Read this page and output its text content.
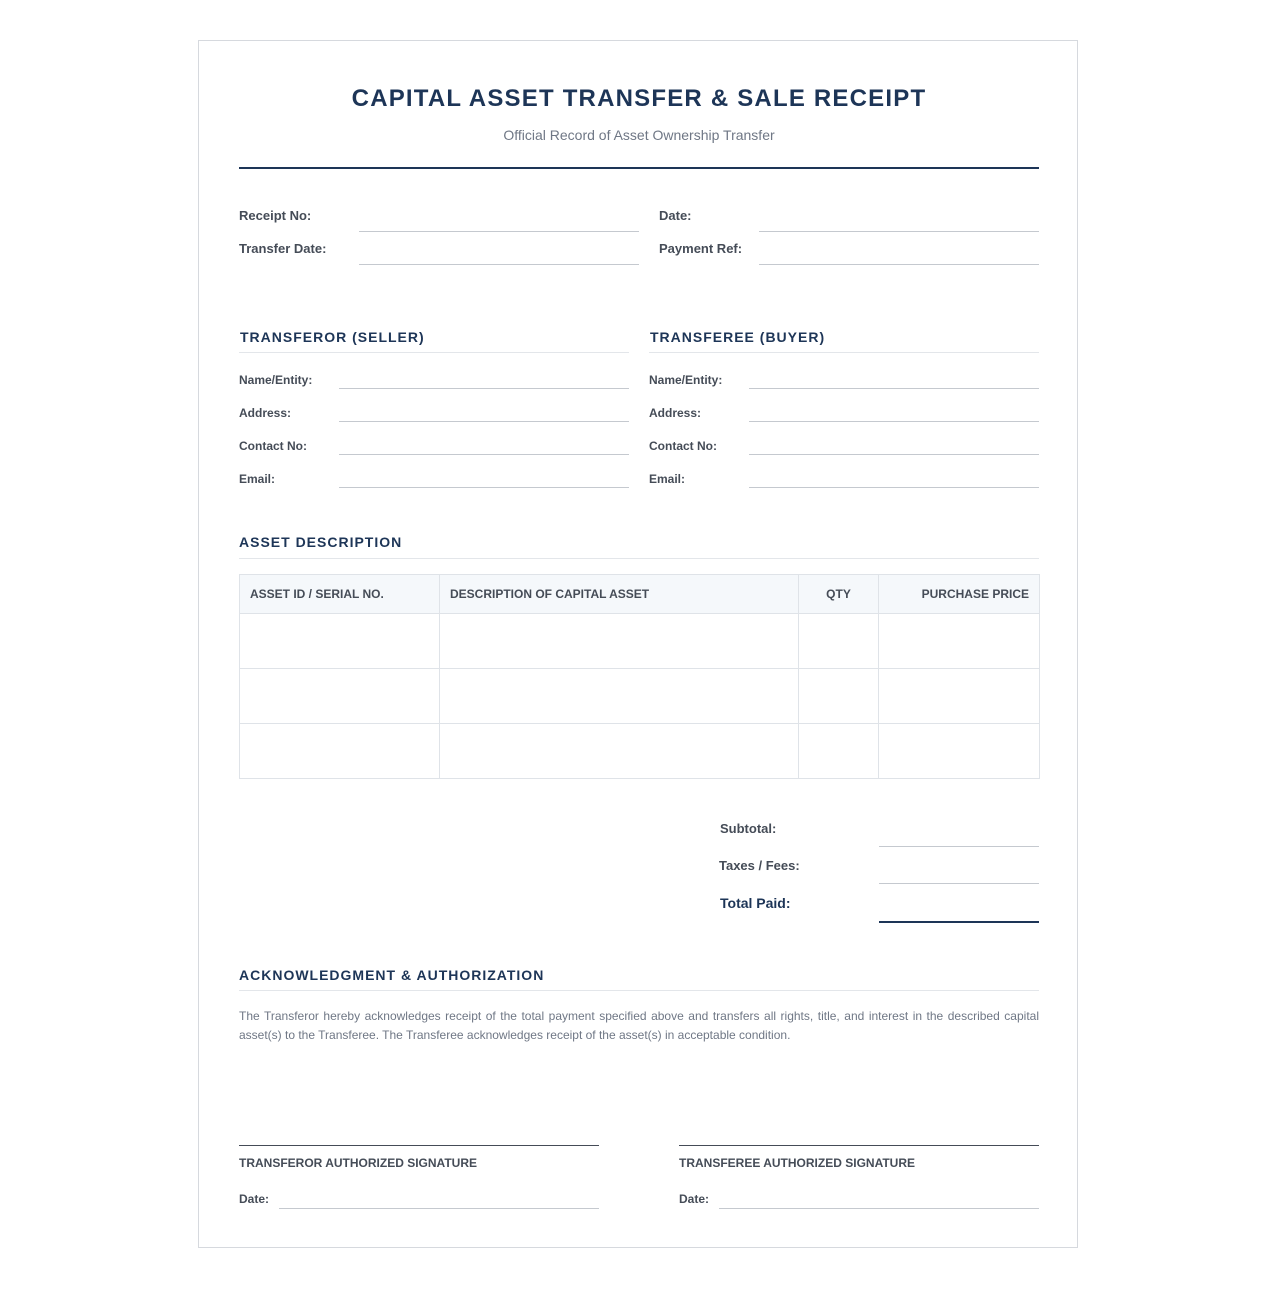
CAPITAL ASSET TRANSFER & SALE RECEIPT
Official Record of Asset Ownership Transfer
Receipt No:	Date:
Transfer Date:	Payment Ref:
TRANSFEROR (SELLER)
Name/Entity:
Address:
Contact No:
Email:
TRANSFEREE (BUYER)
Name/Entity:
Address:
Contact No:
Email:
ASSET DESCRIPTION
ASSET ID / SERIAL NO.	DESCRIPTION OF CAPITAL ASSET	QTY	PURCHASE PRICE

Subtotal:
Taxes / Fees:
Total Paid:
ACKNOWLEDGMENT & AUTHORIZATION
The Transferor hereby acknowledges receipt of the total payment specified above and transfers all rights, title, and interest in the described capital asset(s) to the Transferee. The Transferee acknowledges receipt of the asset(s) in acceptable condition.
TRANSFEROR AUTHORIZED SIGNATURE
Date:
TRANSFEREE AUTHORIZED SIGNATURE
Date:
